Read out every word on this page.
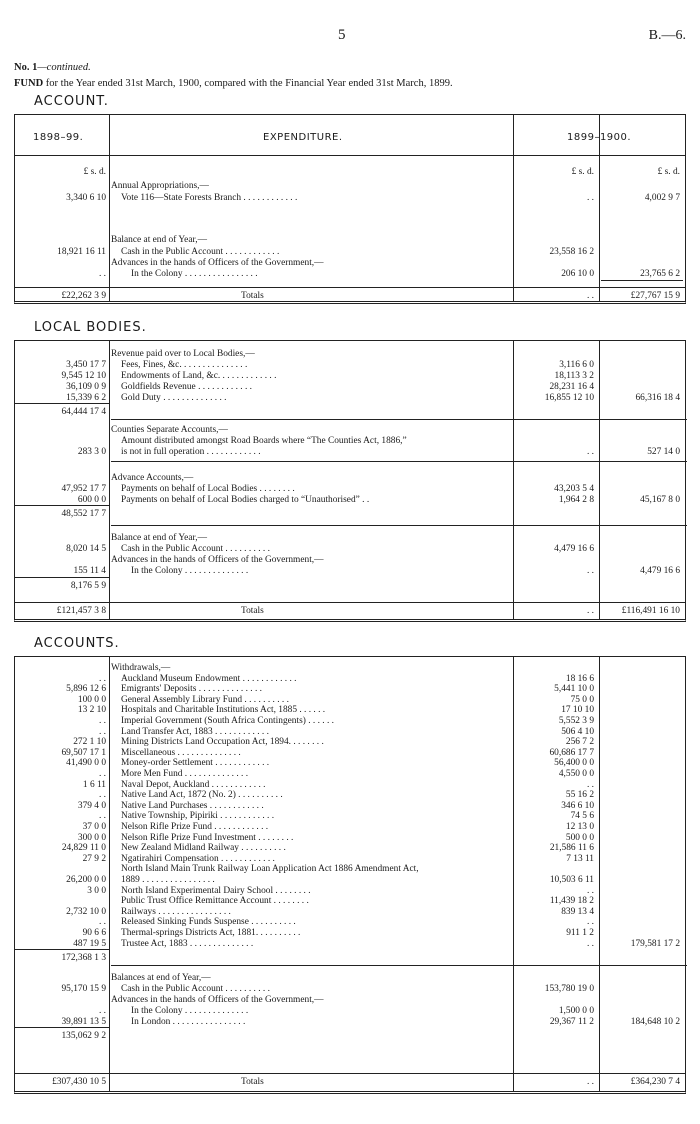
5	B.—6.
No. 1—continued.
FUND for the Year ended 31st March, 1900, compared with the Financial Year ended 31st March, 1899.
ACCOUNT.
1898–99.	EXPENDITURE.	1899–1900.
Annual Appropriations,—
3,340 6 10	Vote 116—State Forests Branch . . . . . . . . . . . .	. .	4,002 9 7
Balance at end of Year,—
18,921 16 11	Cash in the Public Account . . . . . . . . . . . .	23,558 16 2
Advances in the hands of Officers of the Government,—
. .	In the Colony . . . . . . . . . . . . . . . .	206 10 0	23,765 6 2
£22,262 3 9	Totals	. .	£27,767 15 9
£ s. d.	£ s. d.	£ s. d.
LOCAL BODIES.
Revenue paid over to Local Bodies,—
3,450 17 7	Fees, Fines, &c. . . . . . . . . . . . . . .	3,116 6 0
9,545 12 10	Endowments of Land, &c. . . . . . . . . . . . .	18,113 3 2
36,109 0 9	Goldfields Revenue . . . . . . . . . . . .	28,231 16 4
15,339 6 2	Gold Duty . . . . . . . . . . . . . .	16,855 12 10	66,316 18 4
64,444 17 4
Counties Separate Accounts,—
Amount distributed amongst Road Boards where “The Counties Act, 1886,”
283 3 0	is not in full operation . . . . . . . . . . . .	. .	527 14 0
Advance Accounts,—
47,952 17 7	Payments on behalf of Local Bodies . . . . . . . .	43,203 5 4
600 0 0	Payments on behalf of Local Bodies charged to “Unauthorised” . .	1,964 2 8	45,167 8 0
48,552 17 7
Balance at end of Year,—
8,020 14 5	Cash in the Public Account . . . . . . . . . .	4,479 16 6
Advances in the hands of Officers of the Government,—
155 11 4	In the Colony . . . . . . . . . . . . . .	. .	4,479 16 6
8,176 5 9
£121,457 3 8	Totals	. .	£116,491 16 10
ACCOUNTS.
Withdrawals,—
. .	Auckland Museum Endowment . . . . . . . . . . . .	18 16 6
5,896 12 6	Emigrants' Deposits . . . . . . . . . . . . . .	5,441 10 0
100 0 0	General Assembly Library Fund . . . . . . . . . .	75 0 0
13 2 10	Hospitals and Charitable Institutions Act, 1885 . . . . . .	17 10 10
. .	Imperial Government (South Africa Contingents) . . . . . .	5,552 3 9
. .	Land Transfer Act, 1883 . . . . . . . . . . . .	506 4 10
272 1 10	Mining Districts Land Occupation Act, 1894. . . . . . . .	256 7 2
69,507 17 1	Miscellaneous . . . . . . . . . . . . . .	60,686 17 7
41,490 0 0	Money-order Settlement . . . . . . . . . . . .	56,400 0 0
. .	More Men Fund . . . . . . . . . . . . . .	4,550 0 0
1 6 11	Naval Depot, Auckland . . . . . . . . . . . .	. .
. .	Native Land Act, 1872 (No. 2) . . . . . . . . . .	55 16 2
379 4 0	Native Land Purchases . . . . . . . . . . . .	346 6 10
. .	Native Township, Pipiriki . . . . . . . . . . . .	74 5 6
37 0 0	Nelson Rifle Prize Fund . . . . . . . . . . . .	12 13 0
300 0 0	Nelson Rifle Prize Fund Investment . . . . . . . .	500 0 0
24,829 11 0	New Zealand Midland Railway . . . . . . . . . .	21,586 11 6
27 9 2	Ngatirahiri Compensation . . . . . . . . . . . .	7 13 11
North Island Main Trunk Railway Loan Application Act 1886 Amendment Act,
26,200 0 0	1889 . . . . . . . . . . . . . . . .	10,503 6 11
3 0 0	North Island Experimental Dairy School . . . . . . . .	. .
Public Trust Office Remittance Account . . . . . . . .	11,439 18 2
2,732 10 0	Railways . . . . . . . . . . . . . . . .	839 13 4
. .	Released Sinking Funds Suspense . . . . . . . . . .	. .
90 6 6	Thermal-springs Districts Act, 1881. . . . . . . . . .	911 1 2
487 19 5	Trustee Act, 1883 . . . . . . . . . . . . . .	. .	179,581 17 2
172,368 1 3
Balances at end of Year,—
95,170 15 9	Cash in the Public Account . . . . . . . . . .	153,780 19 0
Advances in the hands of Officers of the Government,—
. .	In the Colony . . . . . . . . . . . . . .	1,500 0 0
39,891 13 5	In London . . . . . . . . . . . . . . . .	29,367 11 2	184,648 10 2
135,062 9 2
£307,430 10 5	Totals	. .	£364,230 7 4
